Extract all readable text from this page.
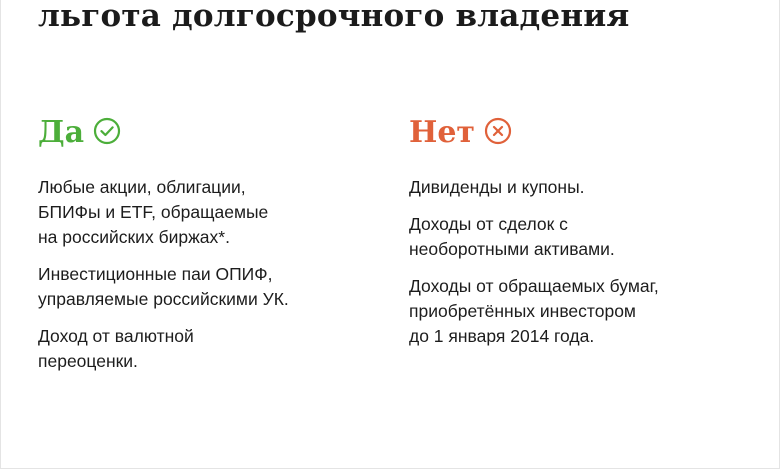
льгота долгосрочного владения
Да

Любые акции, облигации,
БПИФы и ETF, обращаемые
на российских биржах*.

Инвестиционные паи ОПИФ,
управляемые российскими УК.

Доход от валютной
переоценки.

Нет

Дивиденды и купоны.

Доходы от сделок с
необоротными активами.

Доходы от обращаемых бумаг,
приобретённых инвестором
до 1 января 2014 года.
